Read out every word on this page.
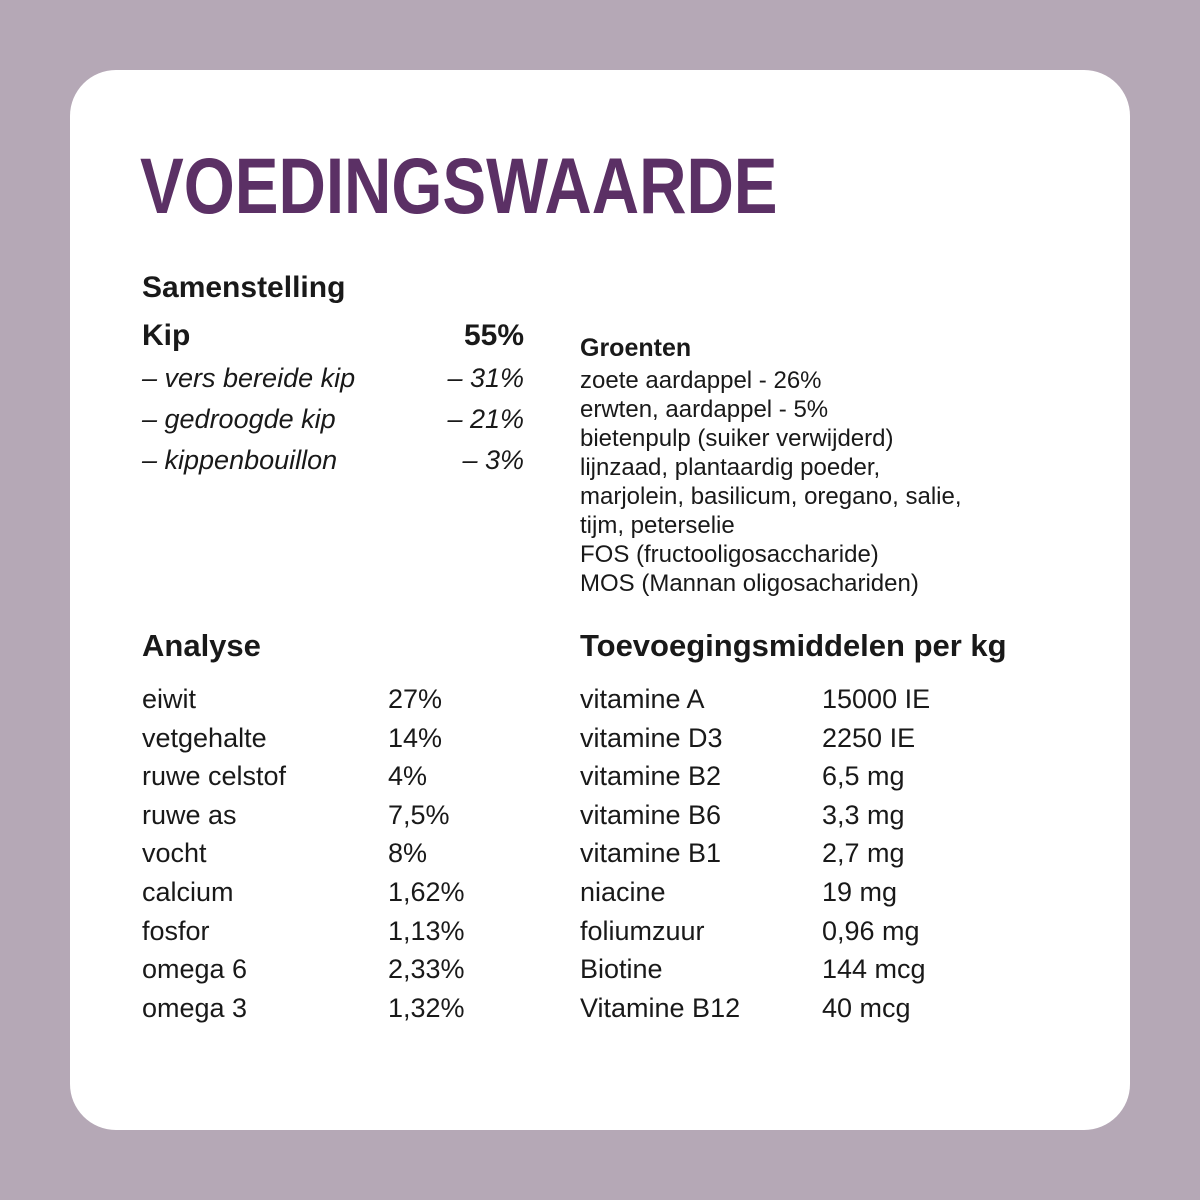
VOEDINGSWAARDE
Samenstelling
Kip	55%
– vers bereide kip	– 31%
– gedroogde kip	– 21%
– kippenbouillon	– 3%
Groenten
zoete aardappel - 26%
erwten, aardappel - 5%
bietenpulp (suiker verwijderd)
lijnzaad, plantaardig poeder,
marjolein, basilicum, oregano, salie,
tijm, peterselie
FOS (fructooligosaccharide)
MOS (Mannan oligosachariden)
Analyse
eiwit	27%
vetgehalte	14%
ruwe celstof	4%
ruwe as	7,5%
vocht	8%
calcium	1,62%
fosfor	1,13%
omega 6	2,33%
omega 3	1,32%
Toevoegingsmiddelen per kg
vitamine A	15000 IE
vitamine D3	2250 IE
vitamine B2	6,5 mg
vitamine B6	3,3 mg
vitamine B1	2,7 mg
niacine	19 mg
foliumzuur	0,96 mg
Biotine	144 mcg
Vitamine B12	40 mcg
